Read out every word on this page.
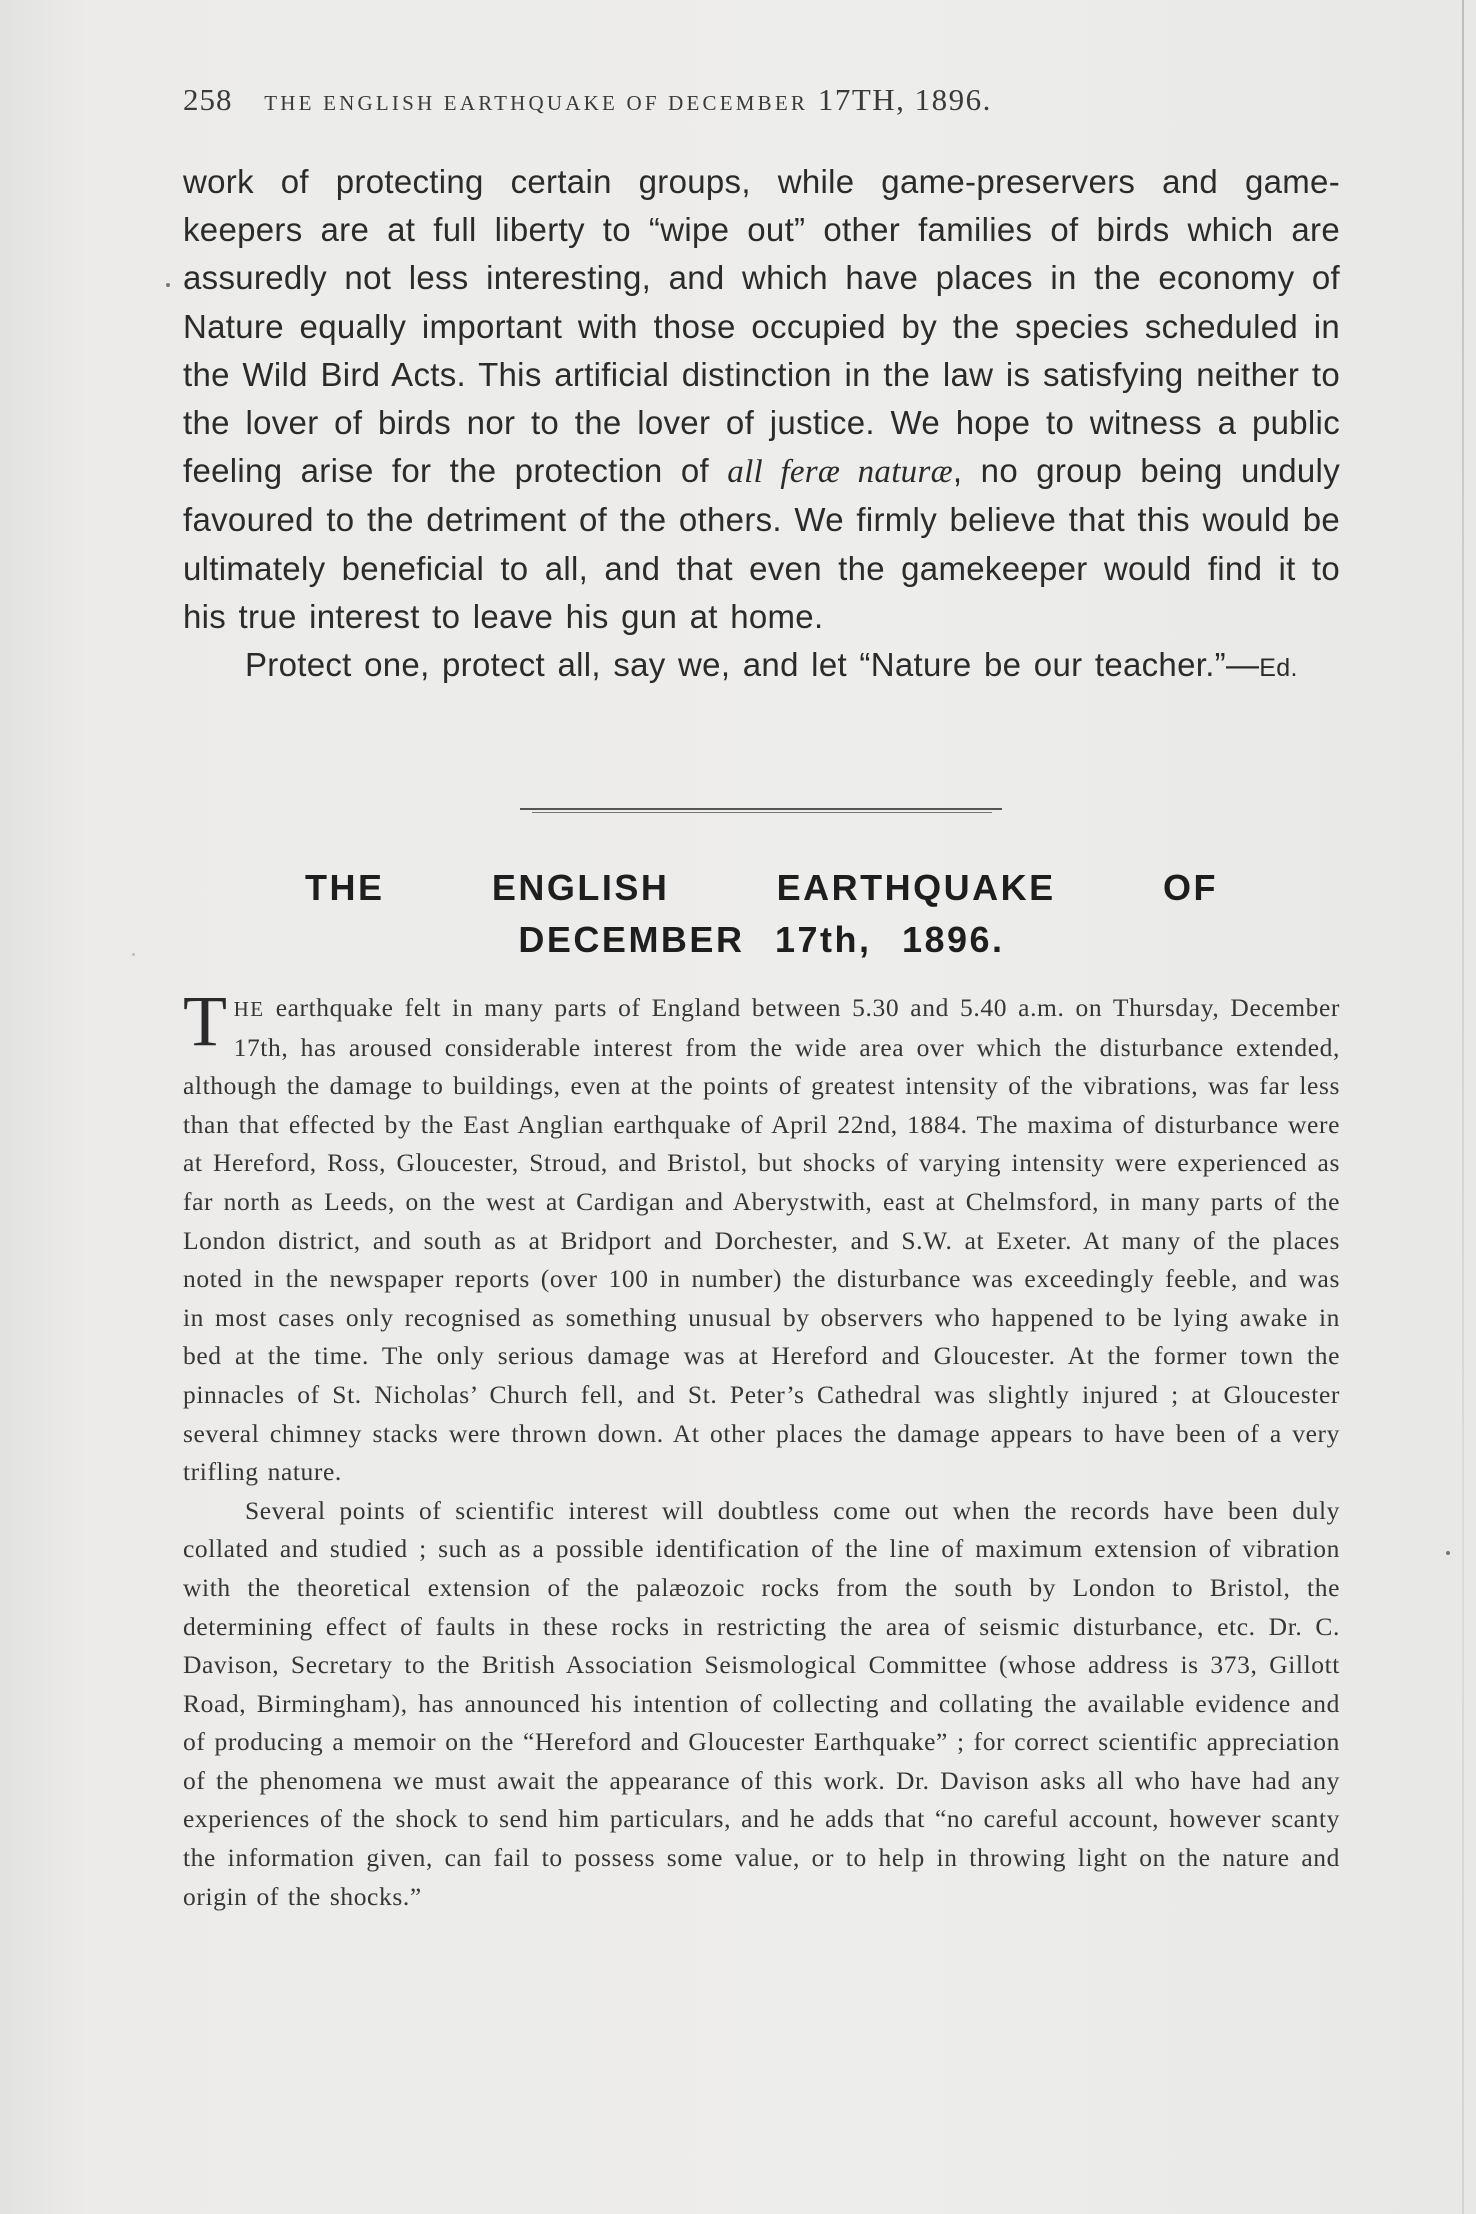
258 THE ENGLISH EARTHQUAKE OF DECEMBER 17TH, 1896.

work of protecting certain groups, while game-preservers and game-keepers are at full liberty to “wipe out” other families of birds which are assuredly not less interesting, and which have places in the economy of Nature equally important with those occupied by the species scheduled in the Wild Bird Acts. This artificial distinction in the law is satisfying neither to the lover of birds nor to the lover of justice. We hope to witness a public feeling arise for the protection of all feræ naturæ, no group being unduly favoured to the detriment of the others. We firmly believe that this would be ultimately beneficial to all, and that even the gamekeeper would find it to his true interest to leave his gun at home.

Protect one, protect all, say we, and let “Nature be our teacher.”—Ed.

THE	ENGLISH	EARTHQUAKE	OF
DECEMBER 17th, 1896.

THE earthquake felt in many parts of England between 5.30 and 5.40 a.m. on Thursday, December 17th, has aroused considerable interest from the wide area over which the disturbance extended, although the damage to buildings, even at the points of greatest intensity of the vibrations, was far less than that effected by the East Anglian earthquake of April 22nd, 1884. The maxima of disturbance were at Hereford, Ross, Gloucester, Stroud, and Bristol, but shocks of varying intensity were experienced as far north as Leeds, on the west at Cardigan and Aberystwith, east at Chelmsford, in many parts of the London district, and south as at Bridport and Dorchester, and S.W. at Exeter. At many of the places noted in the newspaper reports (over 100 in number) the disturbance was exceedingly feeble, and was in most cases only recognised as something unusual by observers who happened to be lying awake in bed at the time. The only serious damage was at Hereford and Gloucester. At the former town the pinnacles of St. Nicholas’ Church fell, and St. Peter’s Cathedral was slightly injured ; at Gloucester several chimney stacks were thrown down. At other places the damage appears to have been of a very trifling nature.

Several points of scientific interest will doubtless come out when the records have been duly collated and studied ; such as a possible identification of the line of maximum extension of vibration with the theoretical extension of the palæozoic rocks from the south by London to Bristol, the determining effect of faults in these rocks in restricting the area of seismic disturbance, etc. Dr. C. Davison, Secretary to the British Association Seismological Committee (whose address is 373, Gillott Road, Birmingham), has announced his intention of collecting and collating the available evidence and of producing a memoir on the “Hereford and Gloucester Earthquake” ; for correct scientific appreciation of the phenomena we must await the appearance of this work. Dr. Davison asks all who have had any experiences of the shock to send him particulars, and he adds that “no careful account, however scanty the information given, can fail to possess some value, or to help in throwing light on the nature and origin of the shocks.”
